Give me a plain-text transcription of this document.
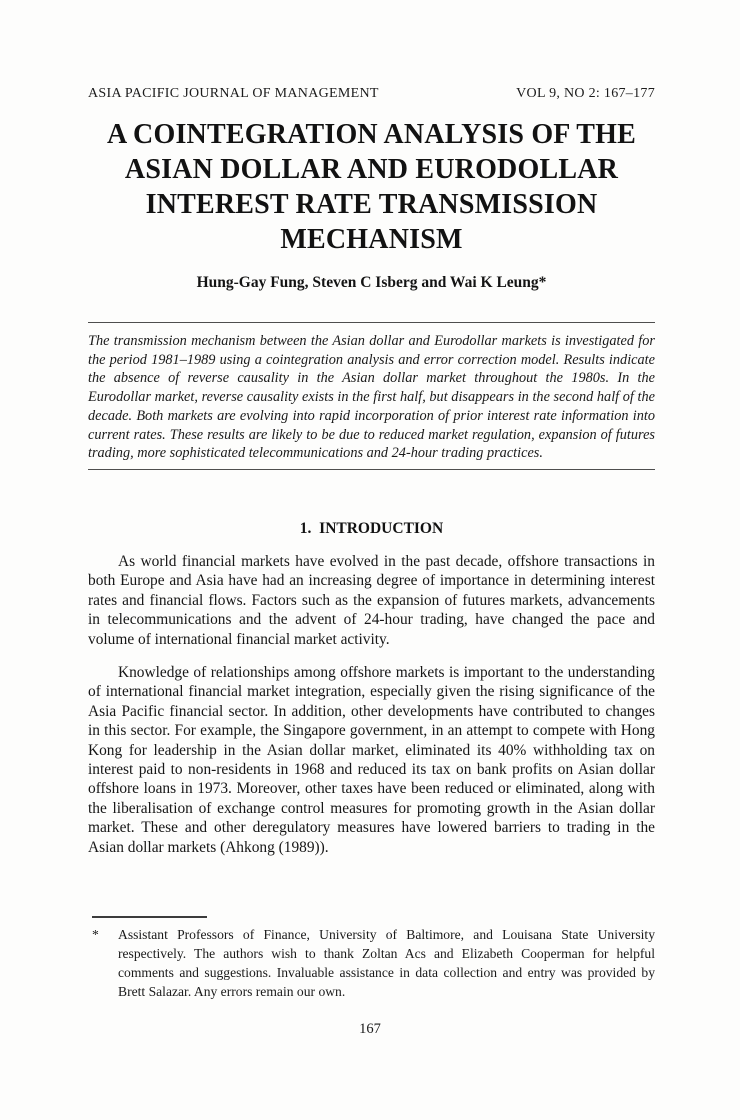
ASIA PACIFIC JOURNAL OF MANAGEMENT	VOL 9, NO 2: 167–177
A COINTEGRATION ANALYSIS OF THE
ASIAN DOLLAR AND EURODOLLAR
INTEREST RATE TRANSMISSION
MECHANISM
Hung-Gay Fung, Steven C Isberg and Wai K Leung*

The transmission mechanism between the Asian dollar and Eurodollar markets is investigated for the period 1981–1989 using a cointegration analysis and error correction model. Results indicate the absence of reverse causality in the Asian dollar market throughout the 1980s. In the Eurodollar market, reverse causality exists in the first half, but disappears in the second half of the decade. Both markets are evolving into rapid incorporation of prior interest rate information into current rates. These results are likely to be due to reduced market regulation, expansion of futures trading, more sophisticated telecommunications and 24-hour trading practices.

1.  INTRODUCTION

As world financial markets have evolved in the past decade, offshore transactions in both Europe and Asia have had an increasing degree of importance in determining interest rates and financial flows. Factors such as the expansion of futures markets, advancements in telecommunications and the advent of 24-hour trading, have changed the pace and volume of international financial market activity.

Knowledge of relationships among offshore markets is important to the understanding of international financial market integration, especially given the rising significance of the Asia Pacific financial sector. In addition, other developments have contributed to changes in this sector. For example, the Singapore government, in an attempt to compete with Hong Kong for leadership in the Asian dollar market, eliminated its 40% withholding tax on interest paid to non-residents in 1968 and reduced its tax on bank profits on Asian dollar offshore loans in 1973. Moreover, other taxes have been reduced or eliminated, along with the liberalisation of exchange control measures for promoting growth in the Asian dollar market. These and other deregulatory measures have lowered barriers to trading in the Asian dollar markets (Ahkong (1989)).

*	Assistant Professors of Finance, University of Baltimore, and Louisana State University respectively. The authors wish to thank Zoltan Acs and Elizabeth Cooperman for helpful comments and suggestions. Invaluable assistance in data collection and entry was provided by Brett Salazar. Any errors remain our own.
167
